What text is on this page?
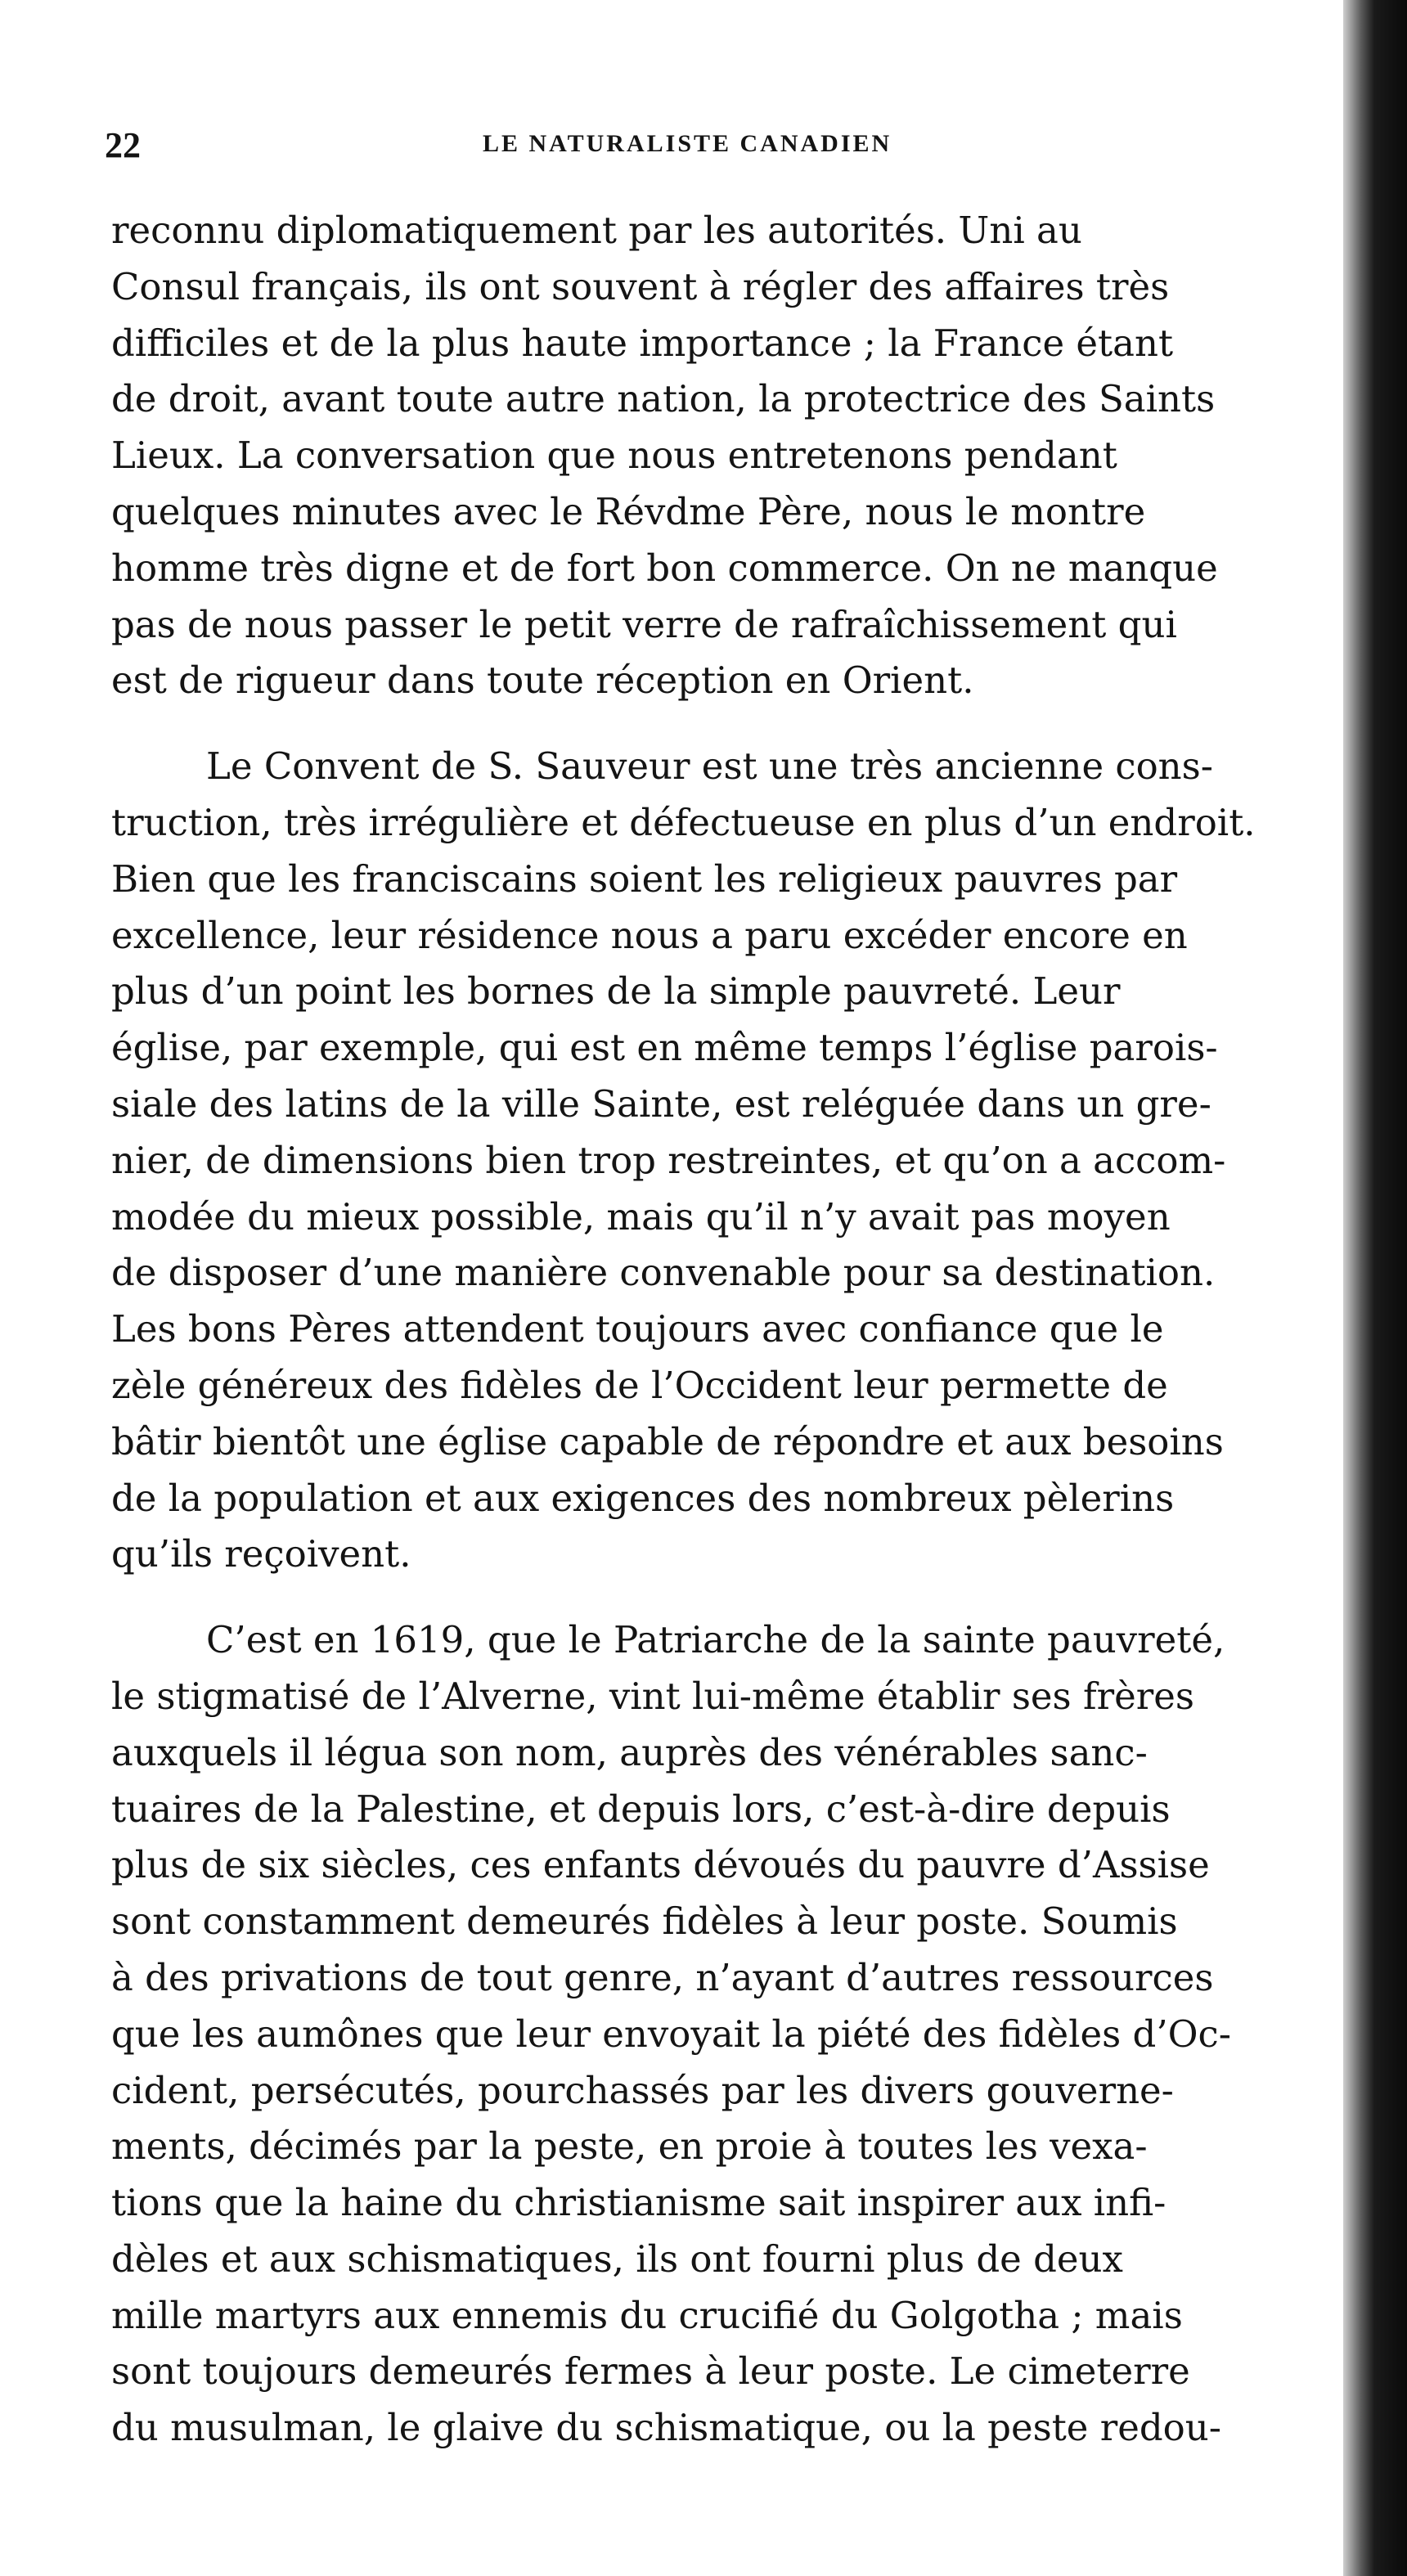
22	LE NATURALISTE CANADIEN
reconnu diplomatiquement par les autorités. Uni au
Consul français, ils ont souvent à régler des affaires très
difficiles et de la plus haute importance ; la France étant
de droit, avant toute autre nation, la protectrice des Saints
Lieux. La conversation que nous entretenons pendant
quelques minutes avec le Révdme Père, nous le montre
homme très digne et de fort bon commerce. On ne manque
pas de nous passer le petit verre de rafraîchissement qui
est de rigueur dans toute réception en Orient.
Le Convent de S. Sauveur est une très ancienne cons-
truction, très irrégulière et défectueuse en plus d’un endroit.
Bien que les franciscains soient les religieux pauvres par
excellence, leur résidence nous a paru excéder encore en
plus d’un point les bornes de la simple pauvreté. Leur
église, par exemple, qui est en même temps l’église parois-
siale des latins de la ville Sainte, est reléguée dans un gre-
nier, de dimensions bien trop restreintes, et qu’on a accom-
modée du mieux possible, mais qu’il n’y avait pas moyen
de disposer d’une manière convenable pour sa destination.
Les bons Pères attendent toujours avec confiance que le
zèle généreux des fidèles de l’Occident leur permette de
bâtir bientôt une église capable de répondre et aux besoins
de la population et aux exigences des nombreux pèlerins
qu’ils reçoivent.
C’est en 1619, que le Patriarche de la sainte pauvreté,
le stigmatisé de l’Alverne, vint lui-même établir ses frères
auxquels il légua son nom, auprès des vénérables sanc-
tuaires de la Palestine, et depuis lors, c’est-à-dire depuis
plus de six siècles, ces enfants dévoués du pauvre d’Assise
sont constamment demeurés fidèles à leur poste. Soumis
à des privations de tout genre, n’ayant d’autres ressources
que les aumônes que leur envoyait la piété des fidèles d’Oc-
cident, persécutés, pourchassés par les divers gouverne-
ments, décimés par la peste, en proie à toutes les vexa-
tions que la haine du christianisme sait inspirer aux infi-
dèles et aux schismatiques, ils ont fourni plus de deux
mille martyrs aux ennemis du crucifié du Golgotha ; mais
sont toujours demeurés fermes à leur poste. Le cimeterre
du musulman, le glaive du schismatique, ou la peste redou-
